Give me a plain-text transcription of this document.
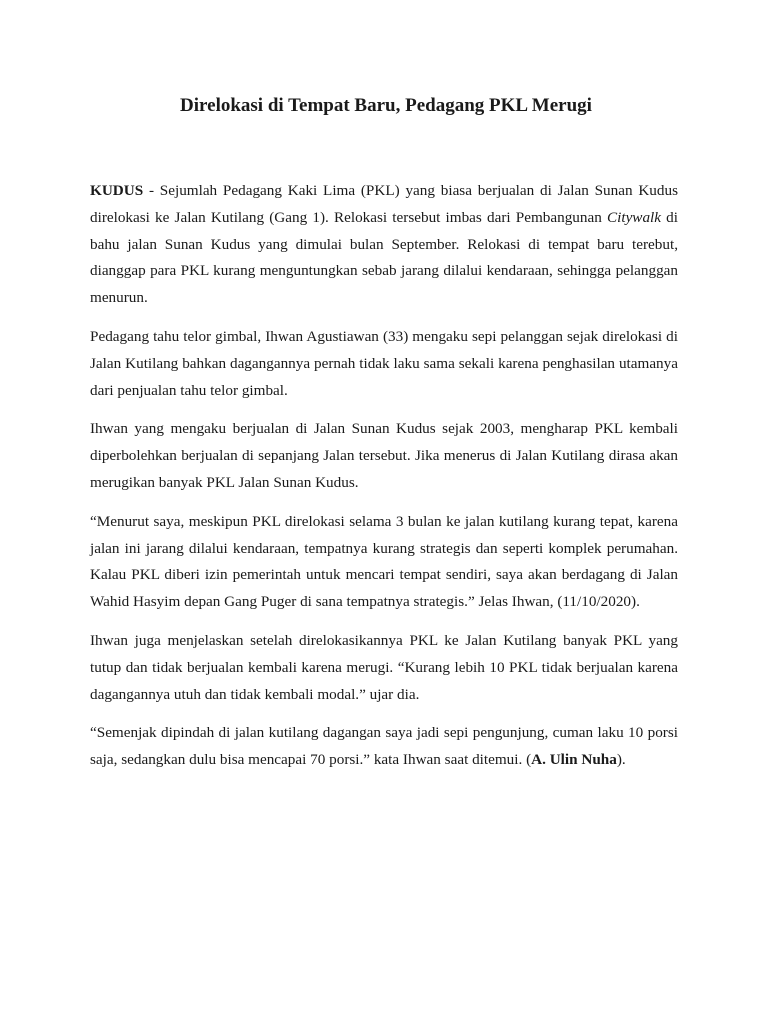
Direlokasi di Tempat Baru, Pedagang PKL Merugi

KUDUS - Sejumlah Pedagang Kaki Lima (PKL) yang biasa berjualan di Jalan Sunan Kudus direlokasi ke Jalan Kutilang (Gang 1). Relokasi tersebut imbas dari Pembangunan Citywalk di bahu jalan Sunan Kudus yang dimulai bulan September. Relokasi di tempat baru terebut, dianggap para PKL kurang menguntungkan sebab jarang dilalui kendaraan, sehingga pelanggan menurun.

Pedagang tahu telor gimbal, Ihwan Agustiawan (33) mengaku sepi pelanggan sejak direlokasi di Jalan Kutilang bahkan dagangannya pernah tidak laku sama sekali karena penghasilan utamanya dari penjualan tahu telor gimbal.

Ihwan yang mengaku berjualan di Jalan Sunan Kudus sejak 2003, mengharap PKL kembali diperbolehkan berjualan di sepanjang Jalan tersebut. Jika menerus di Jalan Kutilang dirasa akan merugikan banyak PKL Jalan Sunan Kudus.

“Menurut saya, meskipun PKL direlokasi selama 3 bulan ke jalan kutilang kurang tepat, karena jalan ini jarang dilalui kendaraan, tempatnya kurang strategis dan seperti komplek perumahan. Kalau PKL diberi izin pemerintah untuk mencari tempat sendiri, saya akan berdagang di Jalan Wahid Hasyim depan Gang Puger di sana tempatnya strategis.” Jelas Ihwan, (11/10/2020).

Ihwan juga menjelaskan setelah direlokasikannya PKL ke Jalan Kutilang banyak PKL yang tutup dan tidak berjualan kembali karena merugi. “Kurang lebih 10 PKL tidak berjualan karena dagangannya utuh dan tidak kembali modal.” ujar dia.

“Semenjak dipindah di jalan kutilang dagangan saya jadi sepi pengunjung, cuman laku 10 porsi saja, sedangkan dulu bisa mencapai 70 porsi.” kata Ihwan saat ditemui. (A. Ulin Nuha).
